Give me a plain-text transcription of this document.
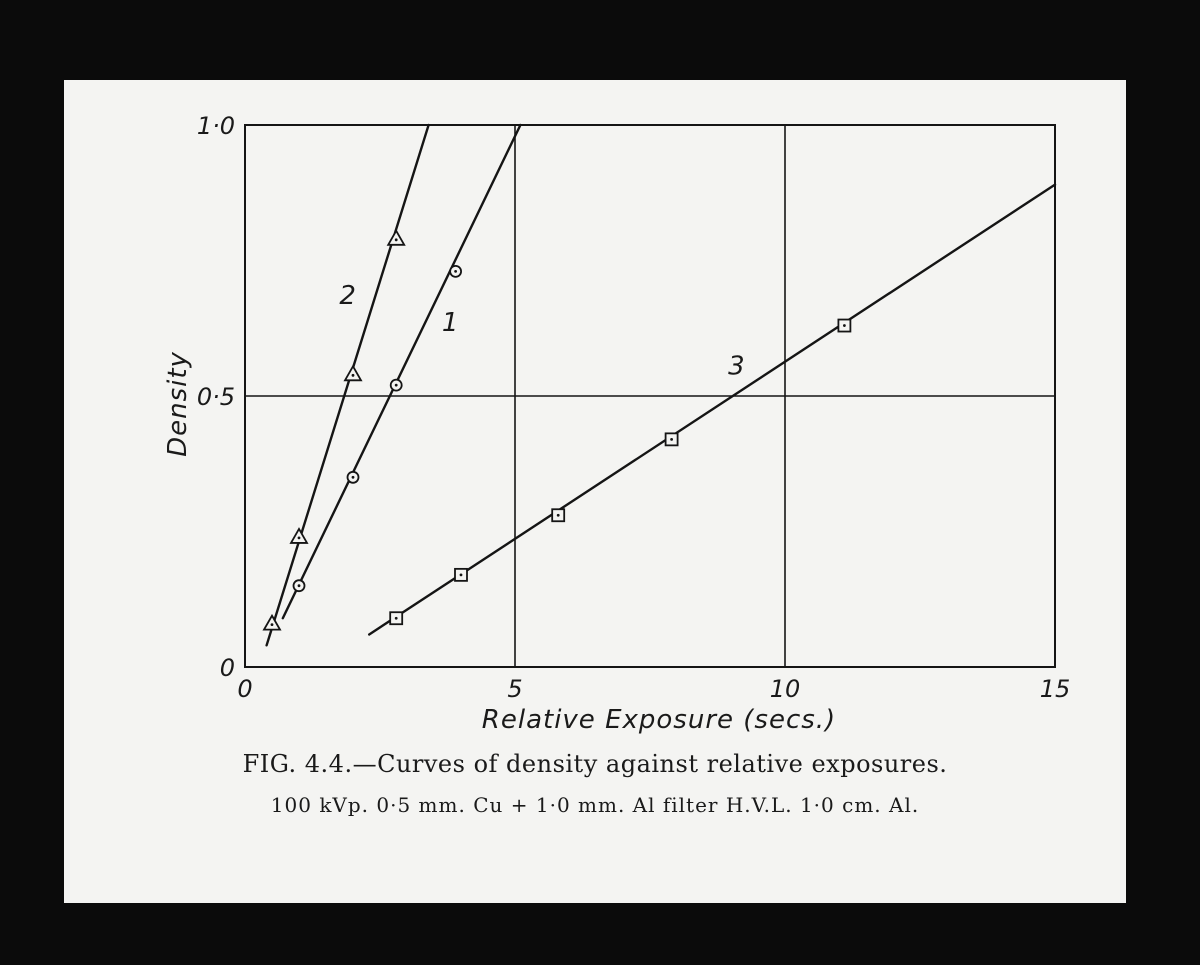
1
2
3
0	5	10	15
0
0·5
1·0
Relative Exposure (secs.)
Density
FIG. 4.4.—Curves of density against relative exposures.
100 kVp. 0·5 mm. Cu + 1·0 mm. Al filter H.V.L. 1·0 cm. Al.
